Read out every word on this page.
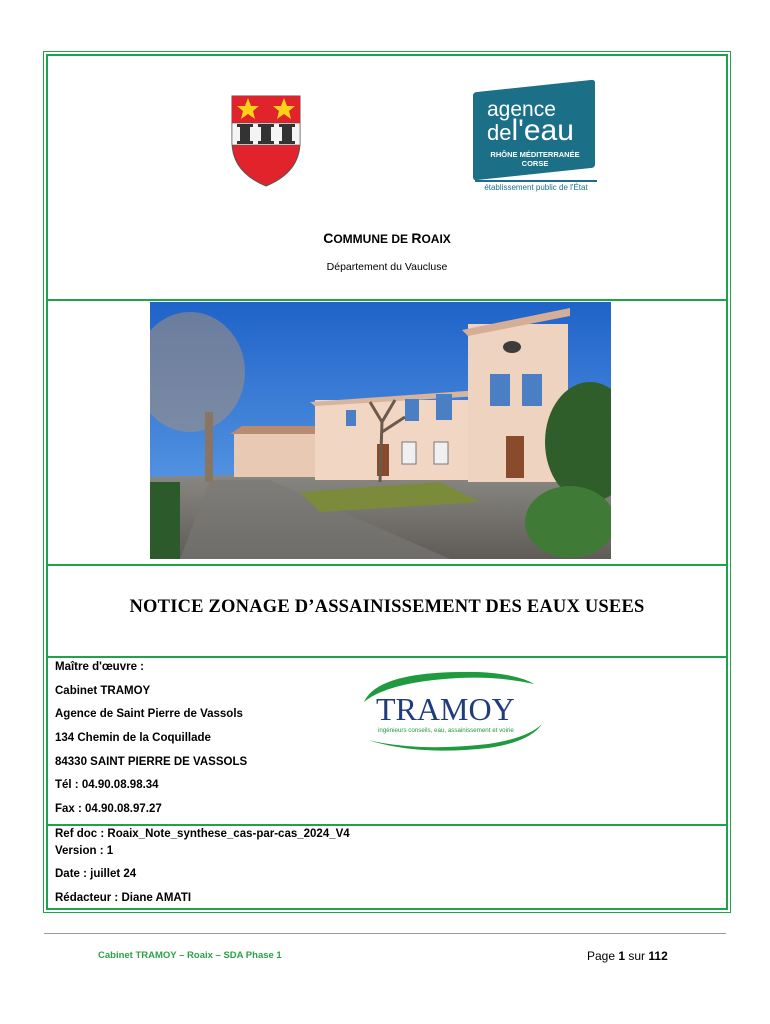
agence
del'eau
RHÔNE MÉDITERRANÉE
CORSE
établissement public de l'État
COMMUNE DE ROAIX
Département du Vaucluse
NOTICE ZONAGE D’ASSAINISSEMENT DES EAUX USEES
Maître d'œuvre :
Cabinet TRAMOY
Agence de Saint Pierre de Vassols
134 Chemin de la Coquillade
84330 SAINT PIERRE DE VASSOLS
Tél : 04.90.08.98.34
Fax : 04.90.08.97.27
TRAMOY
ingénieurs conseils, eau, assainissement et voirie
Ref doc : Roaix_Note_synthese_cas-par-cas_2024_V4
Version : 1
Date : juillet 24
Rédacteur : Diane AMATI
Cabinet TRAMOY – Roaix – SDA Phase 1	Page 1 sur 112
